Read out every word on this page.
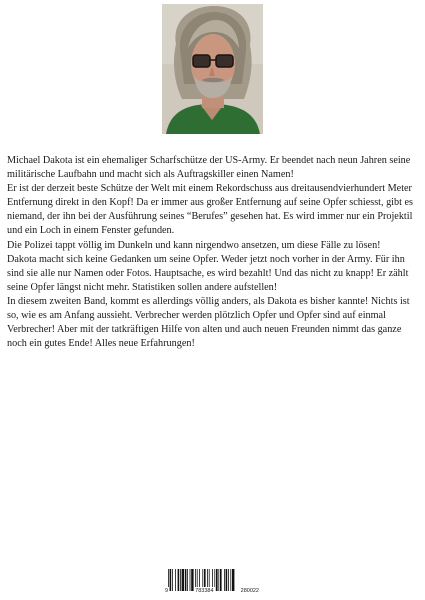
Michael Dakota ist ein ehemaliger Scharfschütze der US-Army. Er beendet nach neun Jahren seine militärische Laufbahn und macht sich als Auftragskiller einen Namen!

Er ist der derzeit beste Schütze der Welt mit einem Rekordschuss aus dreitausendvierhundert Meter Entfernung direkt in den Kopf! Da er immer aus großer Entfernung auf seine Opfer schiesst, gibt es niemand, der ihn bei der Ausführung seines “Berufes” gesehen hat. Es wird immer nur ein Projektil und ein Loch in einem Fenster gefunden.

Die Polizei tappt völlig im Dunkeln und kann nirgendwo ansetzen, um diese Fälle zu lösen!

Dakota macht sich keine Gedanken um seine Opfer. Weder jetzt noch vorher in der Army. Für ihn sind sie alle nur Namen oder Fotos. Hauptsache, es wird bezahlt! Und das nicht zu knapp! Er zählt seine Opfer längst nicht mehr. Statistiken sollen andere aufstellen!

In diesem zweiten Band, kommt es allerdings völlig anders, als Dakota es bisher kannte! Nichts ist so, wie es am Anfang aussieht. Verbrecher werden plötzlich Opfer und Opfer sind auf einmal Verbrecher! Aber mit der tatkräftigen Hilfe von alten und auch neuen Freunden nimmt das ganze noch ein gutes Ende! Alles neue Erfahrungen!

9	783384	280022
